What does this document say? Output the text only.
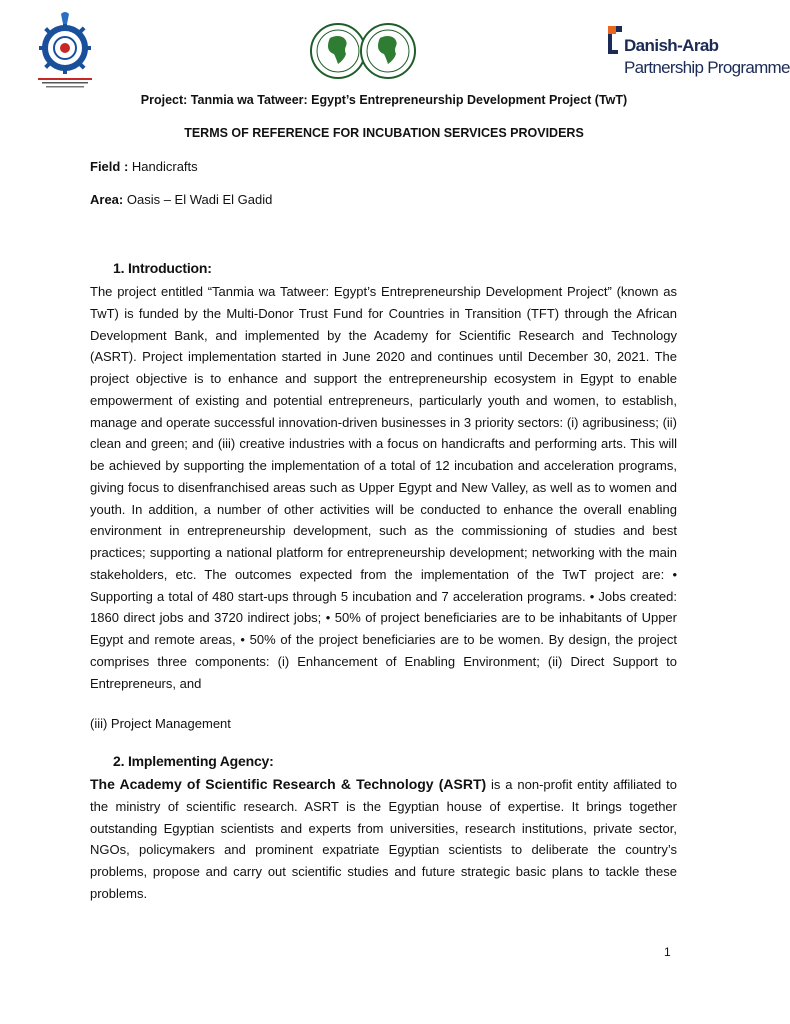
Danish-Arab
Partnership Programme
Project: Tanmia wa Tatweer: Egypt’s Entrepreneurship Development Project (TwT)
TERMS OF REFERENCE FOR INCUBATION SERVICES PROVIDERS
Field : Handicrafts
Area: Oasis – El Wadi El Gadid
1. Introduction:
The project entitled “Tanmia wa Tatweer: Egypt’s Entrepreneurship Development Project” (known as TwT) is funded by the Multi-Donor Trust Fund for Countries in Transition (TFT) through the African Development Bank, and implemented by the Academy for Scientific Research and Technology (ASRT). Project implementation started in June 2020 and continues until December 30, 2021. The project objective is to enhance and support the entrepreneurship ecosystem in Egypt to enable empowerment of existing and potential entrepreneurs, particularly youth and women, to establish, manage and operate successful innovation-driven businesses in 3 priority sectors: (i) agribusiness; (ii) clean and green; and (iii) creative industries with a focus on handicrafts and performing arts. This will be achieved by supporting the implementation of a total of 12 incubation and acceleration programs, giving focus to disenfranchised areas such as Upper Egypt and New Valley, as well as to women and youth. In addition, a number of other activities will be conducted to enhance the overall enabling environment in entrepreneurship development, such as the commissioning of studies and best practices; supporting a national platform for entrepreneurship development; networking with the main stakeholders, etc. The outcomes expected from the implementation of the TwT project are: • Supporting a total of 480 start-ups through 5 incubation and 7 acceleration programs. • Jobs created: 1860 direct jobs and 3720 indirect jobs; • 50% of project beneficiaries are to be inhabitants of Upper Egypt and remote areas, • 50% of the project beneficiaries are to be women. By design, the project comprises three components: (i) Enhancement of Enabling Environment; (ii) Direct Support to Entrepreneurs, and
(iii) Project Management
2. Implementing Agency:
The Academy of Scientific Research & Technology (ASRT) is a non-profit entity affiliated to the ministry of scientific research. ASRT is the Egyptian house of expertise. It brings together outstanding Egyptian scientists and experts from universities, research institutions, private sector, NGOs, policymakers and prominent expatriate Egyptian scientists to deliberate the country’s problems, propose and carry out scientific studies and future strategic basic plans to tackle these problems.
1
